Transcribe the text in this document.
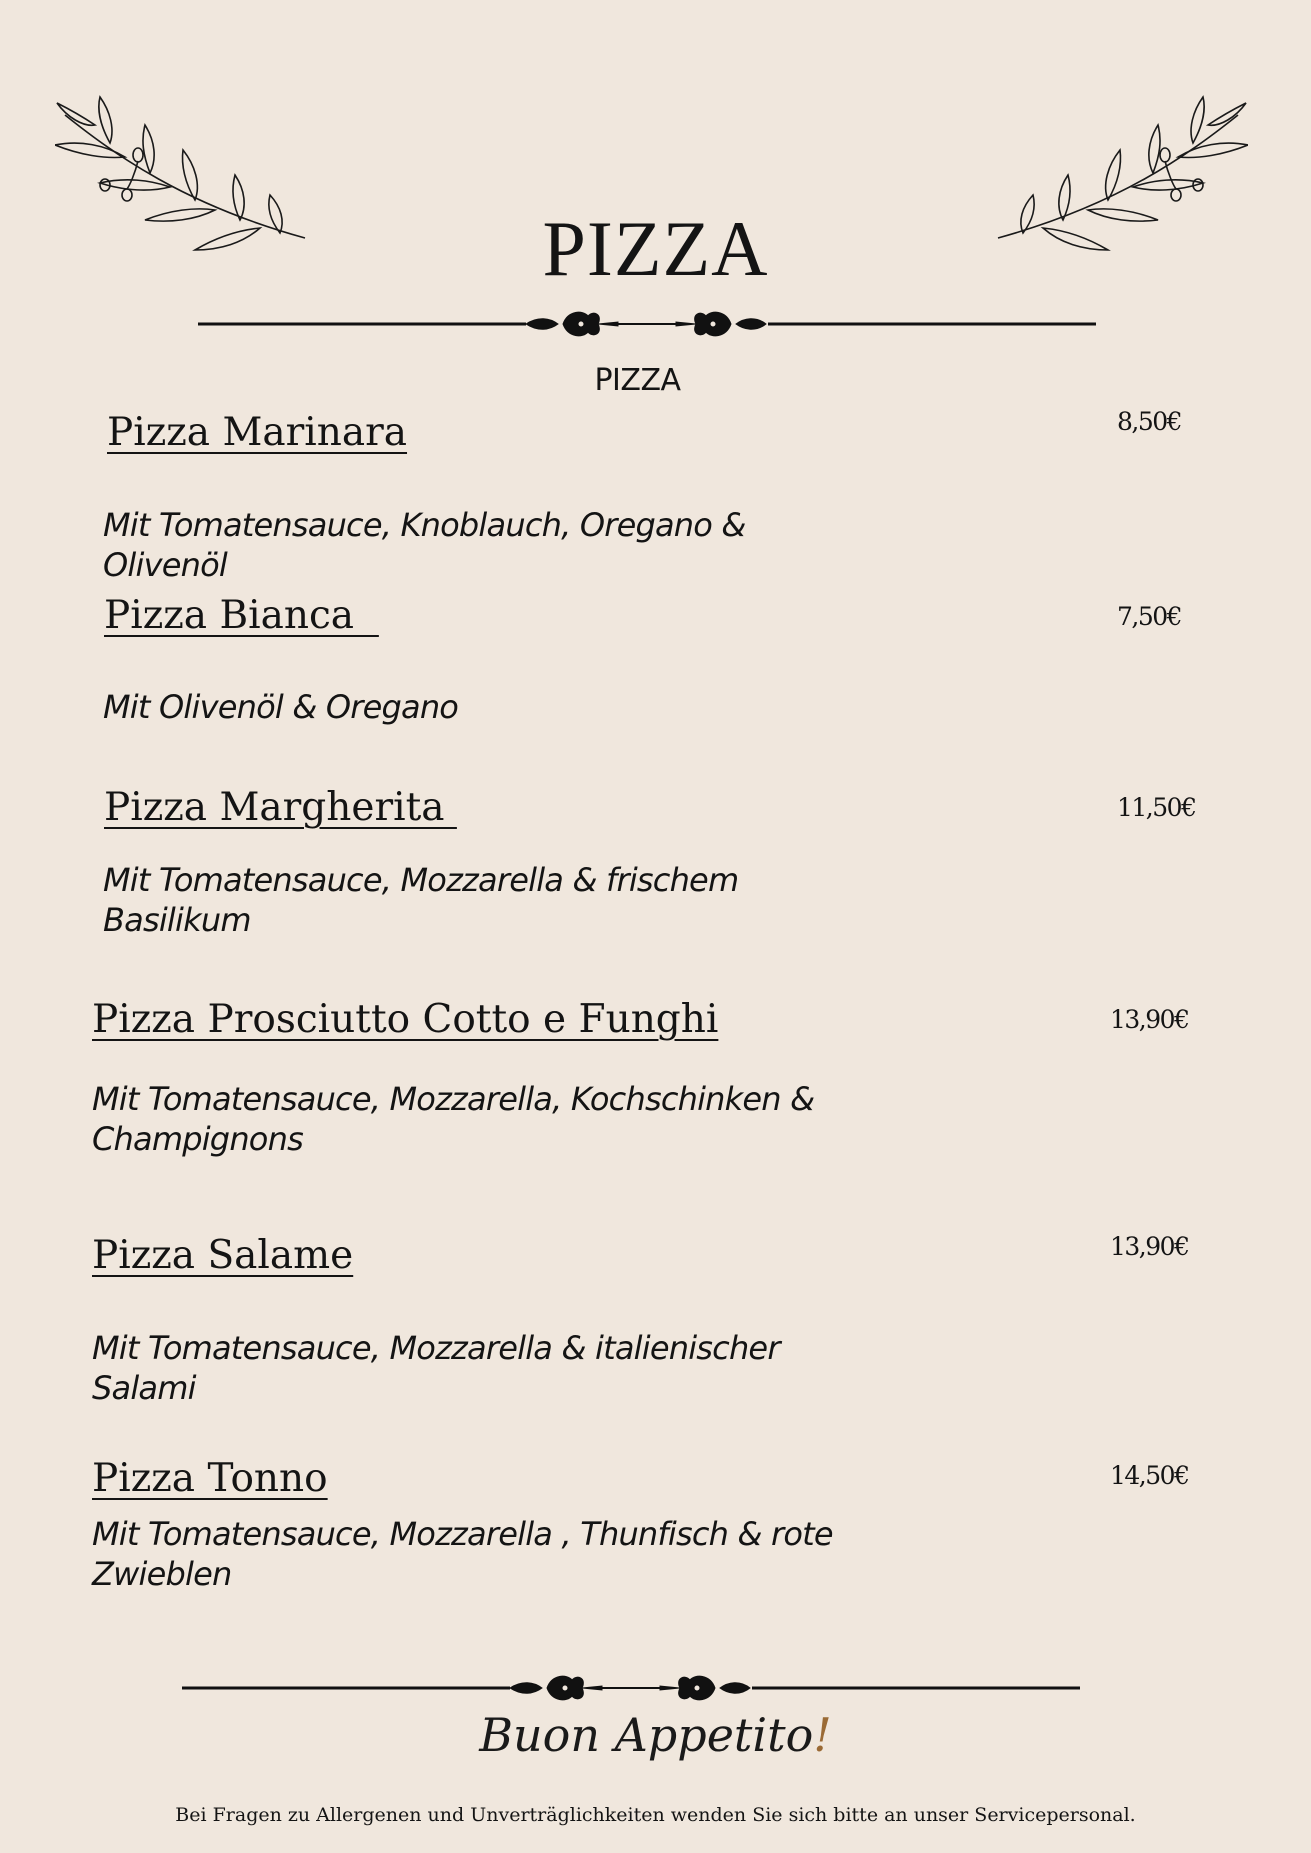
PIZZA
PIZZA
Pizza Marinara	8,50€
Mit Tomatensauce, Knoblauch, Oregano & Olivenöl
Pizza Bianca	7,50€
Mit Olivenöl & Oregano
Pizza Margherita	11,50€
Mit Tomatensauce, Mozzarella & frischem Basilikum
Pizza Prosciutto Cotto e Funghi	13,90€
Mit Tomatensauce, Mozzarella, Kochschinken & Champignons
Pizza Salame	13,90€
Mit Tomatensauce, Mozzarella & italienischer Salami
Pizza Tonno	14,50€
Mit Tomatensauce, Mozzarella , Thunfisch & rote Zwieblen
Buon Appetito!
Bei Fragen zu Allergenen und Unverträglichkeiten wenden Sie sich bitte an unser Servicepersonal.
